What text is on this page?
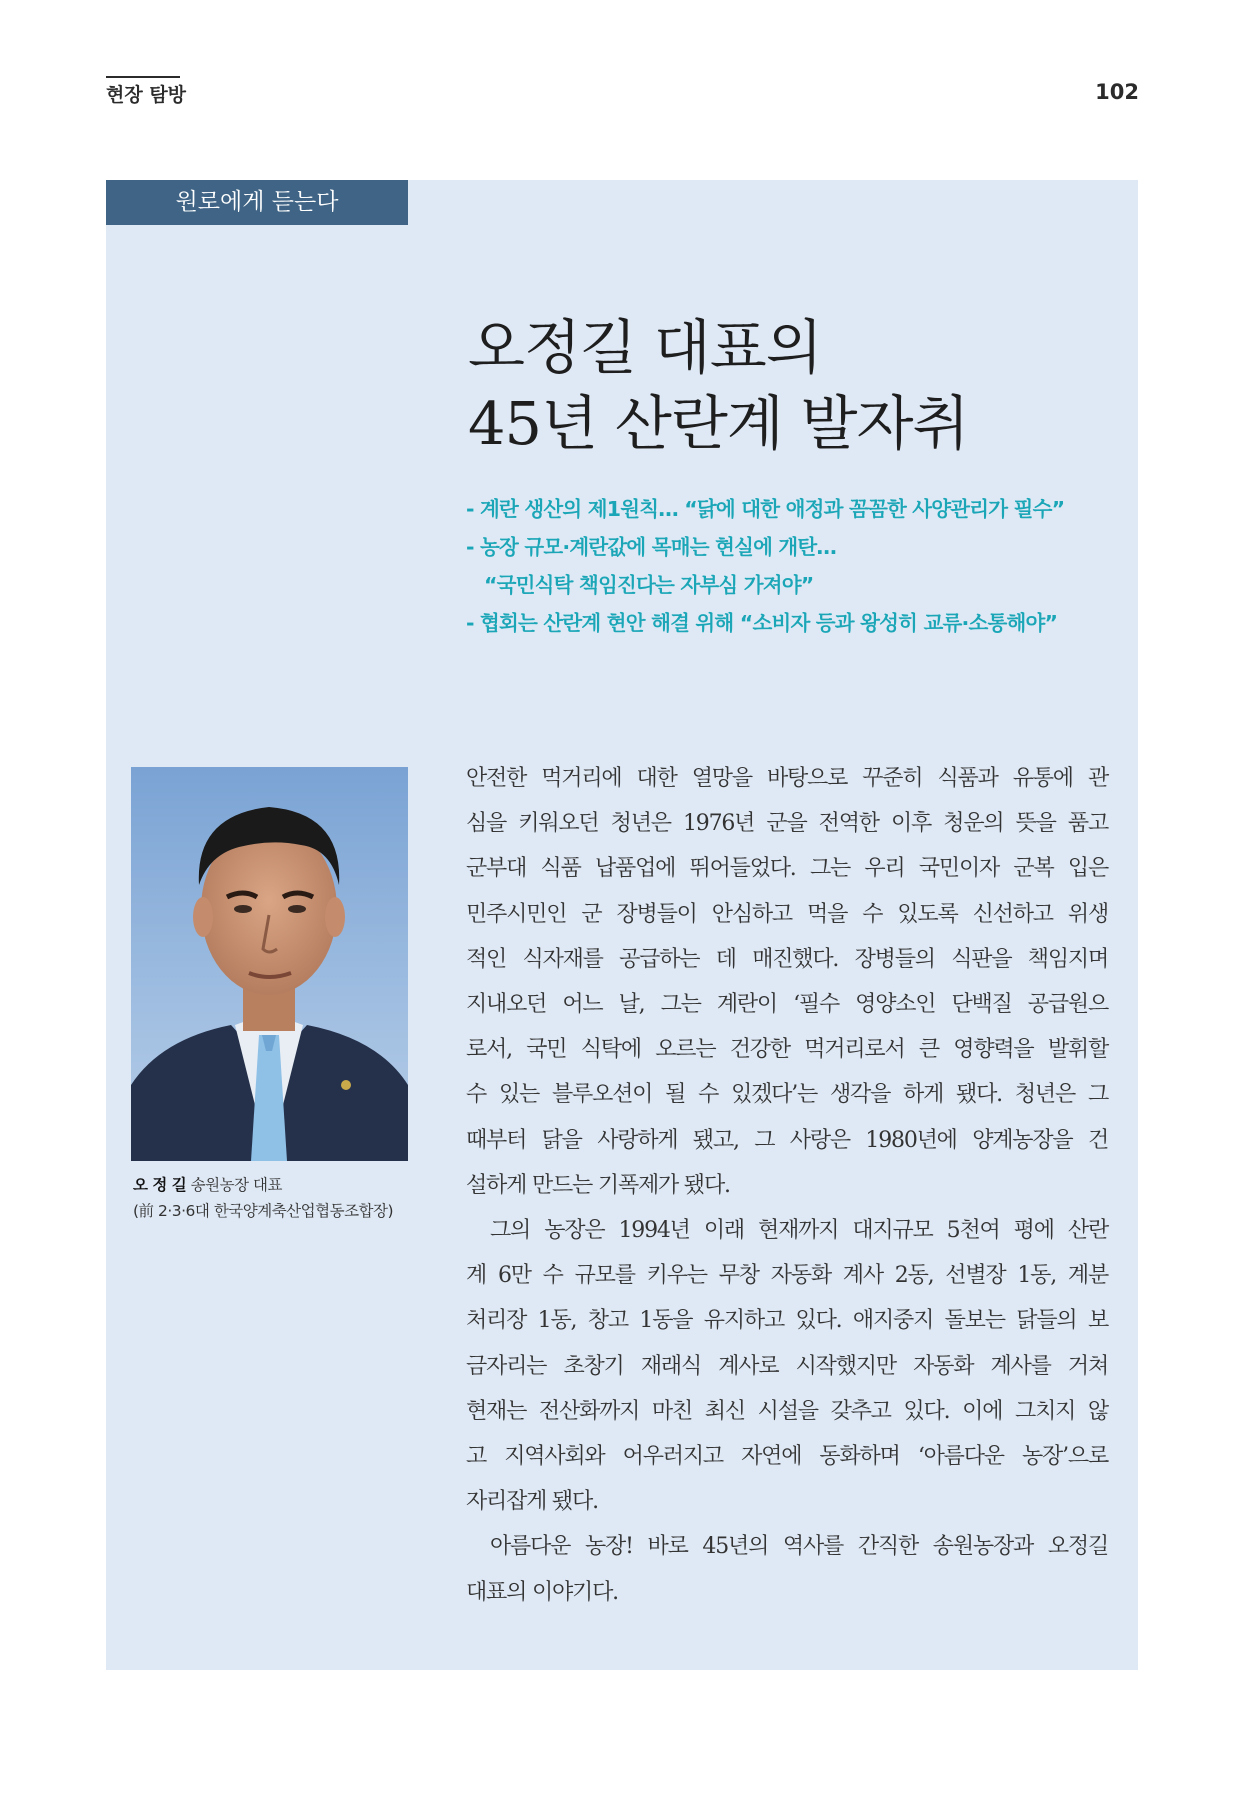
현장 탐방	102
원로에게 듣는다
오정길 대표의
45년 산란계 발자취
- 계란 생산의 제1원칙… “닭에 대한 애정과 꼼꼼한 사양관리가 필수”
- 농장 규모·계란값에 목매는 현실에 개탄…
“국민식탁 책임진다는 자부심 가져야”
- 협회는 산란계 현안 해결 위해 “소비자 등과 왕성히 교류·소통해야”
오 정 길 송원농장 대표
(前 2·3·6대 한국양계축산업협동조합장)
안전한 먹거리에 대한 열망을 바탕으로 꾸준히 식품과 유통에 관
심을 키워오던 청년은 1976년 군을 전역한 이후 청운의 뜻을 품고
군부대 식품 납품업에 뛰어들었다. 그는 우리 국민이자 군복 입은
민주시민인 군 장병들이 안심하고 먹을 수 있도록 신선하고 위생
적인 식자재를 공급하는 데 매진했다. 장병들의 식판을 책임지며
지내오던 어느 날, 그는 계란이 ‘필수 영양소인 단백질 공급원으
로서, 국민 식탁에 오르는 건강한 먹거리로서 큰 영향력을 발휘할
수 있는 블루오션이 될 수 있겠다’는 생각을 하게 됐다. 청년은 그
때부터 닭을 사랑하게 됐고, 그 사랑은 1980년에 양계농장을 건
설하게 만드는 기폭제가 됐다.
그의 농장은 1994년 이래 현재까지 대지규모 5천여 평에 산란
계 6만 수 규모를 키우는 무창 자동화 계사 2동, 선별장 1동, 계분
처리장 1동, 창고 1동을 유지하고 있다. 애지중지 돌보는 닭들의 보
금자리는 초창기 재래식 계사로 시작했지만 자동화 계사를 거쳐
현재는 전산화까지 마친 최신 시설을 갖추고 있다. 이에 그치지 않
고 지역사회와 어우러지고 자연에 동화하며 ‘아름다운 농장’으로
자리잡게 됐다.
아름다운 농장! 바로 45년의 역사를 간직한 송원농장과 오정길
대표의 이야기다.
